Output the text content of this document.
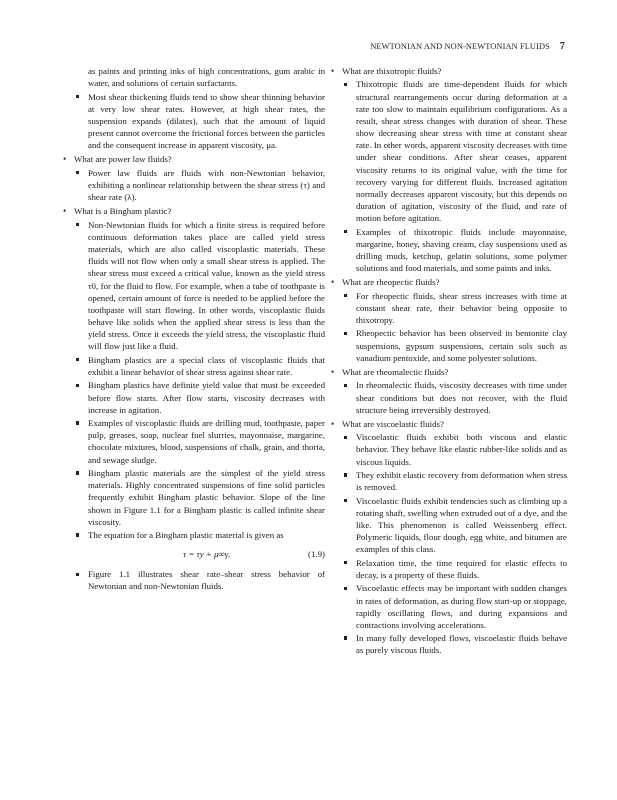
NEWTONIAN AND NON-NEWTONIAN FLUIDS 7

as paints and printing inks of high concentrations, gum arabic in water, and solutions of certain surfactants.

Most shear thickening fluids tend to show shear thinning behavior at very low shear rates. However, at high shear rates, the suspension expands (dilates), such that the amount of liquid present cannot overcome the frictional forces between the particles and the consequent increase in apparent viscosity, μa.
• What are power law fluids?
Power law fluids are fluids with non-Newtonian behavior, exhibiting a nonlinear relationship between the shear stress (τ) and shear rate (λ).
• What is a Bingham plastic?
Non-Newtonian fluids for which a finite stress is required before continuous deformation takes place are called yield stress materials, which are also called viscoplastic materials. These fluids will not flow when only a small shear stress is applied. The shear stress must exceed a critical value, known as the yield stress τ0, for the fluid to flow. For example, when a tube of toothpaste is opened, certain amount of force is needed to be applied before the toothpaste will start flowing. In other words, viscoplastic fluids behave like solids when the applied shear stress is less than the yield stress. Once it exceeds the yield stress, the viscoplastic fluid will flow just like a fluid.
Bingham plastics are a special class of viscoplastic fluids that exhibit a linear behavior of shear stress against shear rate.
Bingham plastics have definite yield value that must be exceeded before flow starts. After flow starts, viscosity decreases with increase in agitation.
Examples of viscoplastic fluids are drilling mud, toothpaste, paper pulp, greases, soap, nuclear fuel slurries, mayonnaise, margarine, chocolate mixtures, blood, suspensions of chalk, grain, and thoria, and sewage sludge.
Bingham plastic materials are the simplest of the yield stress materials. Highly concentrated suspensions of fine solid particles frequently exhibit Bingham plastic behavior. Slope of the line shown in Figure 1.1 for a Bingham plastic is called infinite shear viscosity.
The equation for a Bingham plastic material is given as
τ = τy + μ∞γ.	(1.9)
Figure 1.1 illustrates shear rate–shear stress behavior of Newtonian and non-Newtonian fluids.
• What are thixotropic fluids?
Thixotropic fluids are time-dependent fluids for which structural rearrangements occur during deformation at a rate too slow to maintain equilibrium configurations. As a result, shear stress changes with duration of shear. These show decreasing shear stress with time at constant shear rate. In other words, apparent viscosity decreases with time under shear conditions. After shear ceases, apparent viscosity returns to its original value, with the time for recovery varying for different fluids. Increased agitation normally decreases apparent viscosity, but this depends on duration of agitation, viscosity of the fluid, and rate of motion before agitation.
Examples of thixotropic fluids include mayonnaise, margarine, honey, shaving cream, clay suspensions used as drilling muds, ketchup, gelatin solutions, some polymer solutions and food materials, and some paints and inks.
• What are rheopectic fluids?
For rheopectic fluids, shear stress increases with time at constant shear rate, their behavior being opposite to thixotropy.
Rheopectic behavior has been observed in bentonite clay suspensions, gypsum suspensions, certain sols such as vanadium pentoxide, and some polyester solutions.
• What are rheomalectic fluids?
In rheomalectic fluids, viscosity decreases with time under shear conditions but does not recover, with the fluid structure being irreversibly destroyed.
• What are viscoelastic fluids?
Viscoelastic fluids exhibit both viscous and elastic behavior. They behave like elastic rubber-like solids and as viscous liquids.
They exhibit elastic recovery from deformation when stress is removed.
Viscoelastic fluids exhibit tendencies such as climbing up a rotating shaft, swelling when extruded out of a dye, and the like. This phenomenon is called Weissenberg effect. Polymeric liquids, flour dough, egg white, and bitumen are examples of this class.
Relaxation time, the time required for elastic effects to decay, is a property of these fluids.
Viscoelastic effects may be important with sudden changes in rates of deformation, as during flow start-up or stoppage, rapidly oscillating flows, and during expansions and contractions involving accelerations.
In many fully developed flows, viscoelastic fluids behave as purely viscous fluids.
